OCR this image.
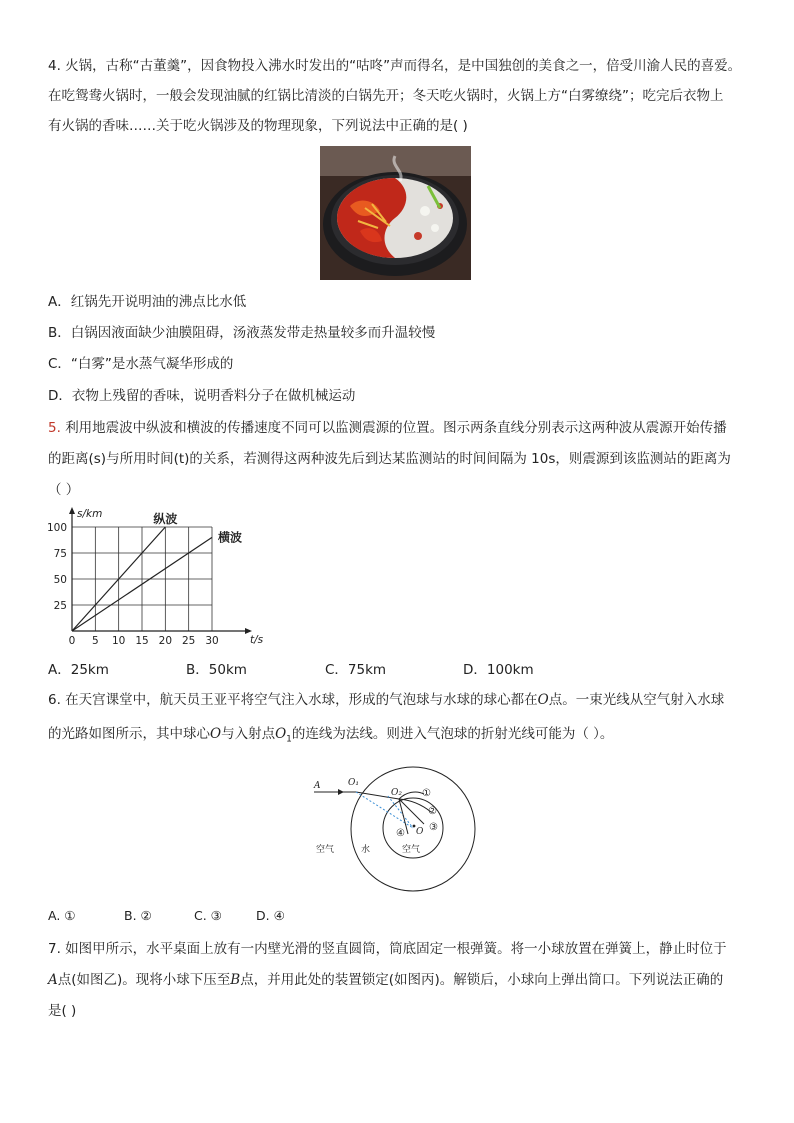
4. 火锅，古称“古董羹”，因食物投入沸水时发出的“咕咚”声而得名，是中国独创的美食之一，倍受川渝人民的喜爱。
在吃鸳鸯火锅时，一般会发现油腻的红锅比清淡的白锅先开；冬天吃火锅时，火锅上方“白雾缭绕”；吃完后衣物上
有火锅的香味……关于吃火锅涉及的物理现象，下列说法中正确的是( )
A．红锅先开说明油的沸点比水低
B．白锅因液面缺少油膜阻碍，汤液蒸发带走热量较多而升温较慢
C．“白雾”是水蒸气凝华形成的
D．衣物上残留的香味，说明香料分子在做机械运动
5. 利用地震波中纵波和横波的传播速度不同可以监测震源的位置。图示两条直线分别表示这两种波从震源开始传播
的距离(s)与所用时间(t)的关系，若测得这两种波先后到达某监测站的时间间隔为 10s，则震源到该监测站的距离为
（ ）
0 5 10 15 20 25 30
25
50
75
100
t/s
s/km	纵波
横波
A．25km	B．50km	C．75km	D．100km
6. 在天宫课堂中，航天员王亚平将空气注入水球，形成的气泡球与水球的球心都在O点。一束光线从空气射入水球
的光路如图所示，其中球心O与入射点$O_1$的连线为法线。则进入气泡球的折射光线可能为（ ）。
A	O₁
O₂
O
①
②
③
④
空气	水	空气
A. ①	B. ②	C. ③	D. ④
7. 如图甲所示，水平桌面上放有一内壁光滑的竖直圆筒，筒底固定一根弹簧。将一小球放置在弹簧上，静止时位于
A点(如图乙)。现将小球下压至B点，并用此处的装置锁定(如图丙)。解锁后，小球向上弹出筒口。下列说法正确的
是( )
